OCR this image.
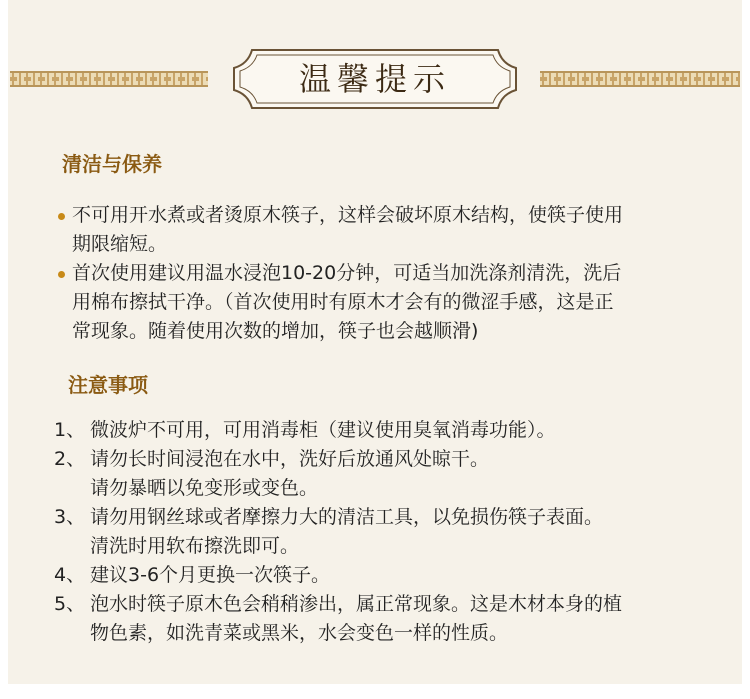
温馨提示
清洁与保养
不可用开水煮或者烫原木筷子，这样会破坏原木结构，使筷子使用
期限缩短。
首次使用建议用温水浸泡10-20分钟，可适当加洗涤剂清洗，洗后
用棉布擦拭干净。（首次使用时有原木才会有的微涩手感，这是正
常现象。随着使用次数的增加，筷子也会越顺滑)
注意事项
1、 微波炉不可用，可用消毒柜（建议使用臭氧消毒功能）。
2、 请勿长时间浸泡在水中，洗好后放通风处晾干。
请勿暴晒以免变形或变色。
3、 请勿用钢丝球或者摩擦力大的清洁工具，以免损伤筷子表面。
清洗时用软布擦洗即可。
4、 建议3-6个月更换一次筷子。
5、 泡水时筷子原木色会稍稍渗出，属正常现象。这是木材本身的植
物色素，如洗青菜或黑米，水会变色一样的性质。
